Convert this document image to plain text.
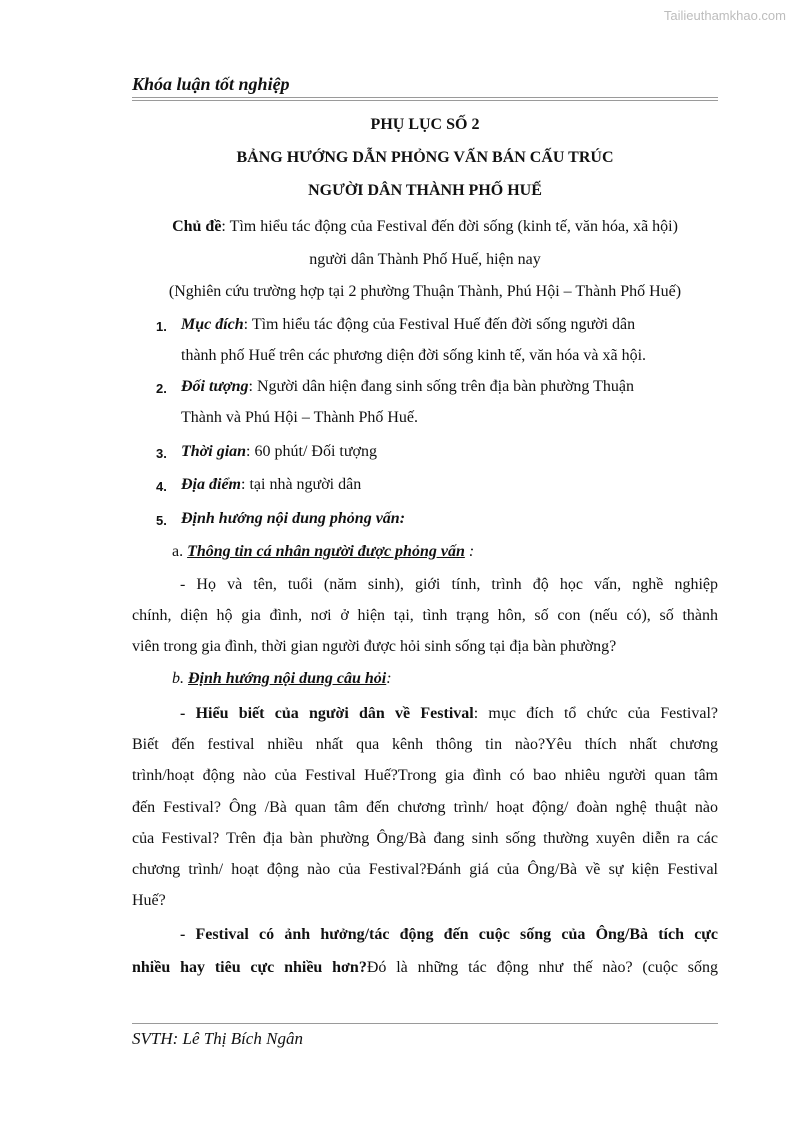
Tailieuthamkhao.com
Khóa luận tốt nghiệp
PHỤ LỤC SỐ 2
BẢNG HƯỚNG DẪN PHỎNG VẤN BÁN CẤU TRÚC
NGƯỜI DÂN THÀNH PHỐ HUẾ
Chủ đề: Tìm hiểu tác động của Festival đến đời sống (kinh tế, văn hóa, xã hội)
người dân Thành Phố Huế, hiện nay
(Nghiên cứu trường hợp tại 2 phường Thuận Thành, Phú Hội – Thành Phố Huế)
1. Mục đích: Tìm hiểu tác động của Festival Huế đến đời sống người dân
thành phố Huế trên các phương diện đời sống kinh tế, văn hóa và xã hội.
2. Đối tượng: Người dân hiện đang sinh sống trên địa bàn phường Thuận
Thành và Phú Hội – Thành Phố Huế.
3. Thời gian: 60 phút/ Đối tượng
4. Địa điểm: tại nhà người dân
5. Định hướng nội dung phỏng vấn:
a. Thông tin cá nhân người được phỏng vấn :
- Họ và tên, tuổi (năm sinh), giới tính, trình độ học vấn, nghề nghiệp
chính, diện hộ gia đình, nơi ở hiện tại, tình trạng hôn, số con (nếu có), số thành
viên trong gia đình, thời gian người được hỏi sinh sống tại địa bàn phường?
b. Định hướng nội dung câu hỏi:
- Hiểu biết của người dân về Festival: mục đích tổ chức của Festival?
Biết đến festival nhiều nhất qua kênh thông tin nào?Yêu thích nhất chương
trình/hoạt động nào của Festival Huế?Trong gia đình có bao nhiêu người quan tâm
đến Festival? Ông /Bà quan tâm đến chương trình/ hoạt động/ đoàn nghệ thuật nào
của Festival? Trên địa bàn phường Ông/Bà đang sinh sống thường xuyên diễn ra các
chương trình/ hoạt động nào của Festival?Đánh giá của Ông/Bà về sự kiện Festival
Huế?
- Festival có ảnh hưởng/tác động đến cuộc sống của Ông/Bà tích cực
nhiều hay tiêu cực nhiều hơn?Đó là những tác động như thế nào? (cuộc sống
SVTH: Lê Thị Bích Ngân
